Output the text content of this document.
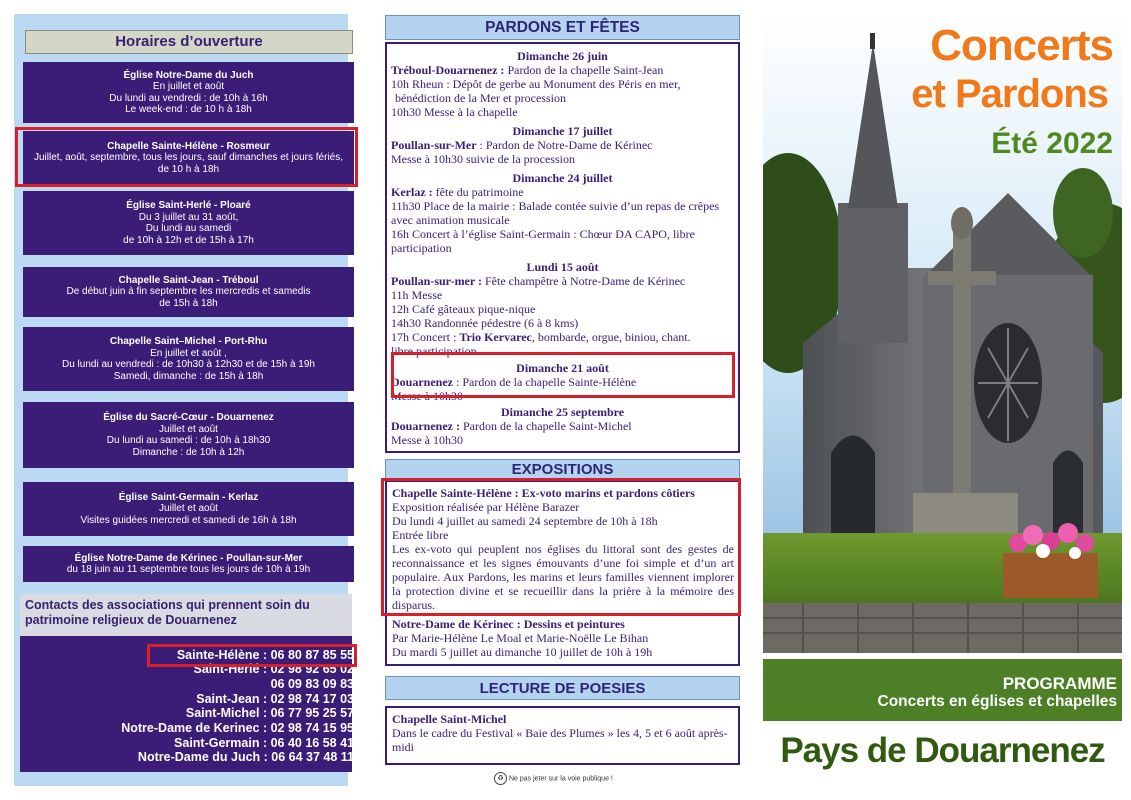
Horaires d’ouverture
Église Notre-Dame du Juch
En juillet et août
Du lundi au vendredi : de 10h à 16h
Le week-end : de 10 h à 18h
Chapelle Sainte-Hélène - Rosmeur
Juillet, août, septembre, tous les jours, sauf dimanches et jours fériés, de 10 h à 18h
Église Saint-Herlé - Ploaré
Du 3 juillet au 31 août,
Du lundi au samedi
de 10h à 12h et de 15h à 17h
Chapelle Saint-Jean - Tréboul
De début juin à fin septembre les mercredis et samedis
de 15h à 18h
Chapelle Saint–Michel - Port-Rhu
En juillet et août ,
Du lundi au vendredi : de 10h30 à 12h30 et de 15h à 19h
Samedi, dimanche : de 15h à 18h
Église du Sacré-Cœur - Douarnenez
Juillet et août
Du lundi au samedi : de 10h à 18h30
Dimanche : de 10h à 12h
Église Saint-Germain - Kerlaz
Juillet et août
Visites guidées mercredi et samedi de 16h à 18h
Église Notre-Dame de Kérinec - Poullan-sur-Mer
du 18 juin au 11 septembre tous les jours de 10h à 19h
Contacts des associations qui prennent soin du patrimoine religieux de Douarnenez
Sainte-Hélène : 06 80 87 85 55
Saint-Herlé : 02 98 92 65 02
06 09 83 09 83
Saint-Jean : 02 98 74 17 03
Saint-Michel : 06 77 95 25 57
Notre-Dame de Kerinec : 02 98 74 15 95
Saint-Germain : 06 40 16 58 41
Notre-Dame du Juch : 06 64 37 48 11
PARDONS ET FÊTES
Dimanche 26 juin
Tréboul-Douarnenez : Pardon de la chapelle Saint-Jean
10h Rheun : Dépôt de gerbe au Monument des Péris en mer,
bénédiction de la Mer et procession
10h30 Messe à la chapelle
Dimanche 17 juillet
Poullan-sur-Mer : Pardon de Notre-Dame de Kérinec
Messe à 10h30 suivie de la procession
Dimanche 24 juillet
Kerlaz : fête du patrimoine
11h30 Place de la mairie : Balade contée suivie d’un repas de crêpes avec animation musicale
16h Concert à l’église Saint-Germain : Chœur DA CAPO, libre participation
Lundi 15 août
Poullan-sur-mer : Fête champêtre à Notre-Dame de Kérinec
11h Messe
12h Café gâteaux pique-nique
14h30 Randonnée pédestre (6 à 8 kms)
17h Concert : Trio Kervarec, bombarde, orgue, biniou, chant.
libre participation.
Dimanche 21 août
Douarnenez : Pardon de la chapelle Sainte-Hélène
Messe à 10h30
Dimanche 25 septembre
Douarnenez : Pardon de la chapelle Saint-Michel
Messe à 10h30
EXPOSITIONS
Chapelle Sainte-Hélène : Ex-voto marins et pardons côtiers
Exposition réalisée par Hélène Barazer
Du lundi 4 juillet au samedi 24 septembre de 10h à 18h
Entrée libre
Les ex-voto qui peuplent nos églises du littoral sont des gestes de reconnaissance et les signes émouvants d’une foi simple et d’un art populaire. Aux Pardons, les marins et leurs familles viennent implorer la protection divine et se recueillir dans la prière à la mémoire des disparus.
Notre-Dame de Kérinec : Dessins et peintures
Par Marie-Hélène Le Moal et Marie-Noëlle Le Bihan
Du mardi 5 juillet au dimanche 10 juillet de 10h à 19h
LECTURE DE POESIES
Chapelle Saint-Michel
Dans le cadre du Festival « Baie des Plumes » les 4, 5 et 6 août après-midi
♻ Ne pas jeter sur la voie publique !
Concerts
et Pardons
Été 2022
PROGRAMME
Concerts en églises et chapelles
Pays de Douarnenez
